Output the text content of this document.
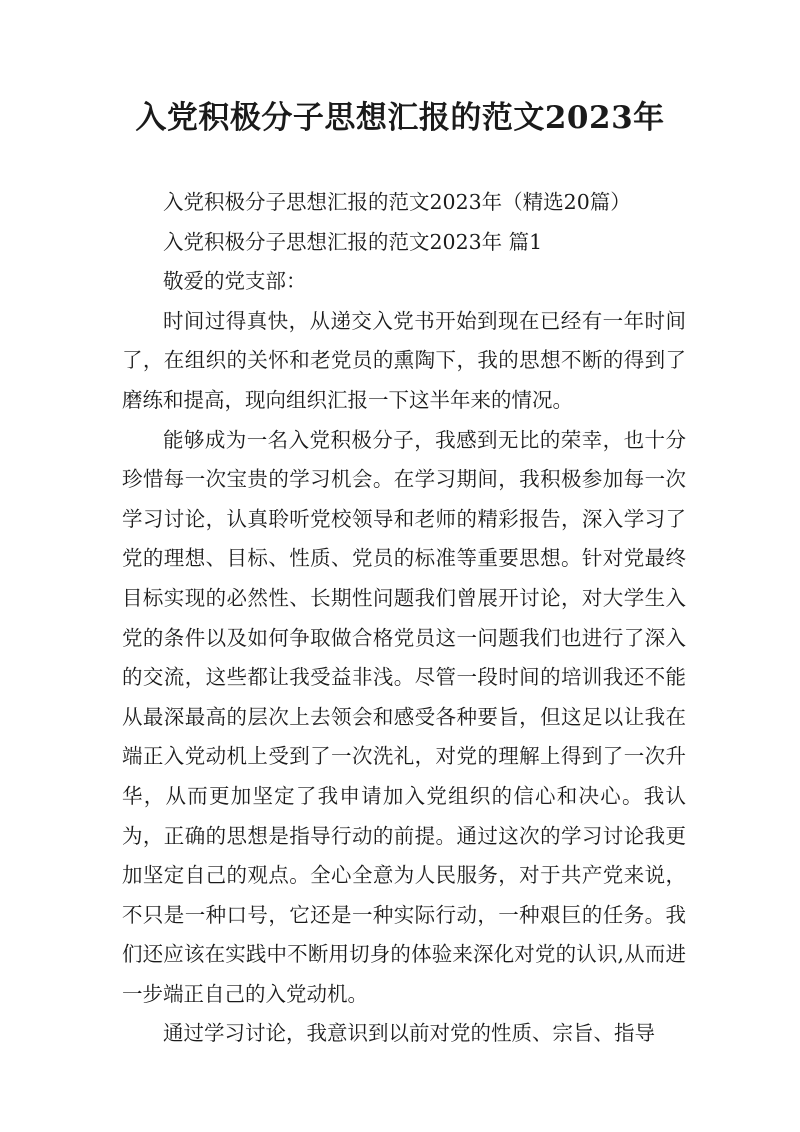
入党积极分子思想汇报的范文2023年

入党积极分子思想汇报的范文2023年（精选20篇）

入党积极分子思想汇报的范文2023年 篇1

敬爱的党支部：

时间过得真快，从递交入党书开始到现在已经有一年时间了，在组织的关怀和老党员的熏陶下，我的思想不断的得到了磨练和提高，现向组织汇报一下这半年来的情况。

能够成为一名入党积极分子，我感到无比的荣幸，也十分珍惜每一次宝贵的学习机会。在学习期间，我积极参加每一次学习讨论，认真聆听党校领导和老师的精彩报告，深入学习了党的理想、目标、性质、党员的标准等重要思想。针对党最终目标实现的必然性、长期性问题我们曾展开讨论，对大学生入党的条件以及如何争取做合格党员这一问题我们也进行了深入的交流，这些都让我受益非浅。尽管一段时间的培训我还不能从最深最高的层次上去领会和感受各种要旨，但这足以让我在端正入党动机上受到了一次洗礼，对党的理解上得到了一次升华，从而更加坚定了我申请加入党组织的信心和决心。我认为，正确的思想是指导行动的前提。通过这次的学习讨论我更加坚定自己的观点。全心全意为人民服务，对于共产党来说，不只是一种口号，它还是一种实际行动，一种艰巨的任务。我们还应该在实践中不断用切身的体验来深化对党的认识,从而进一步端正自己的入党动机。

通过学习讨论，我意识到以前对党的性质、宗旨、指导
